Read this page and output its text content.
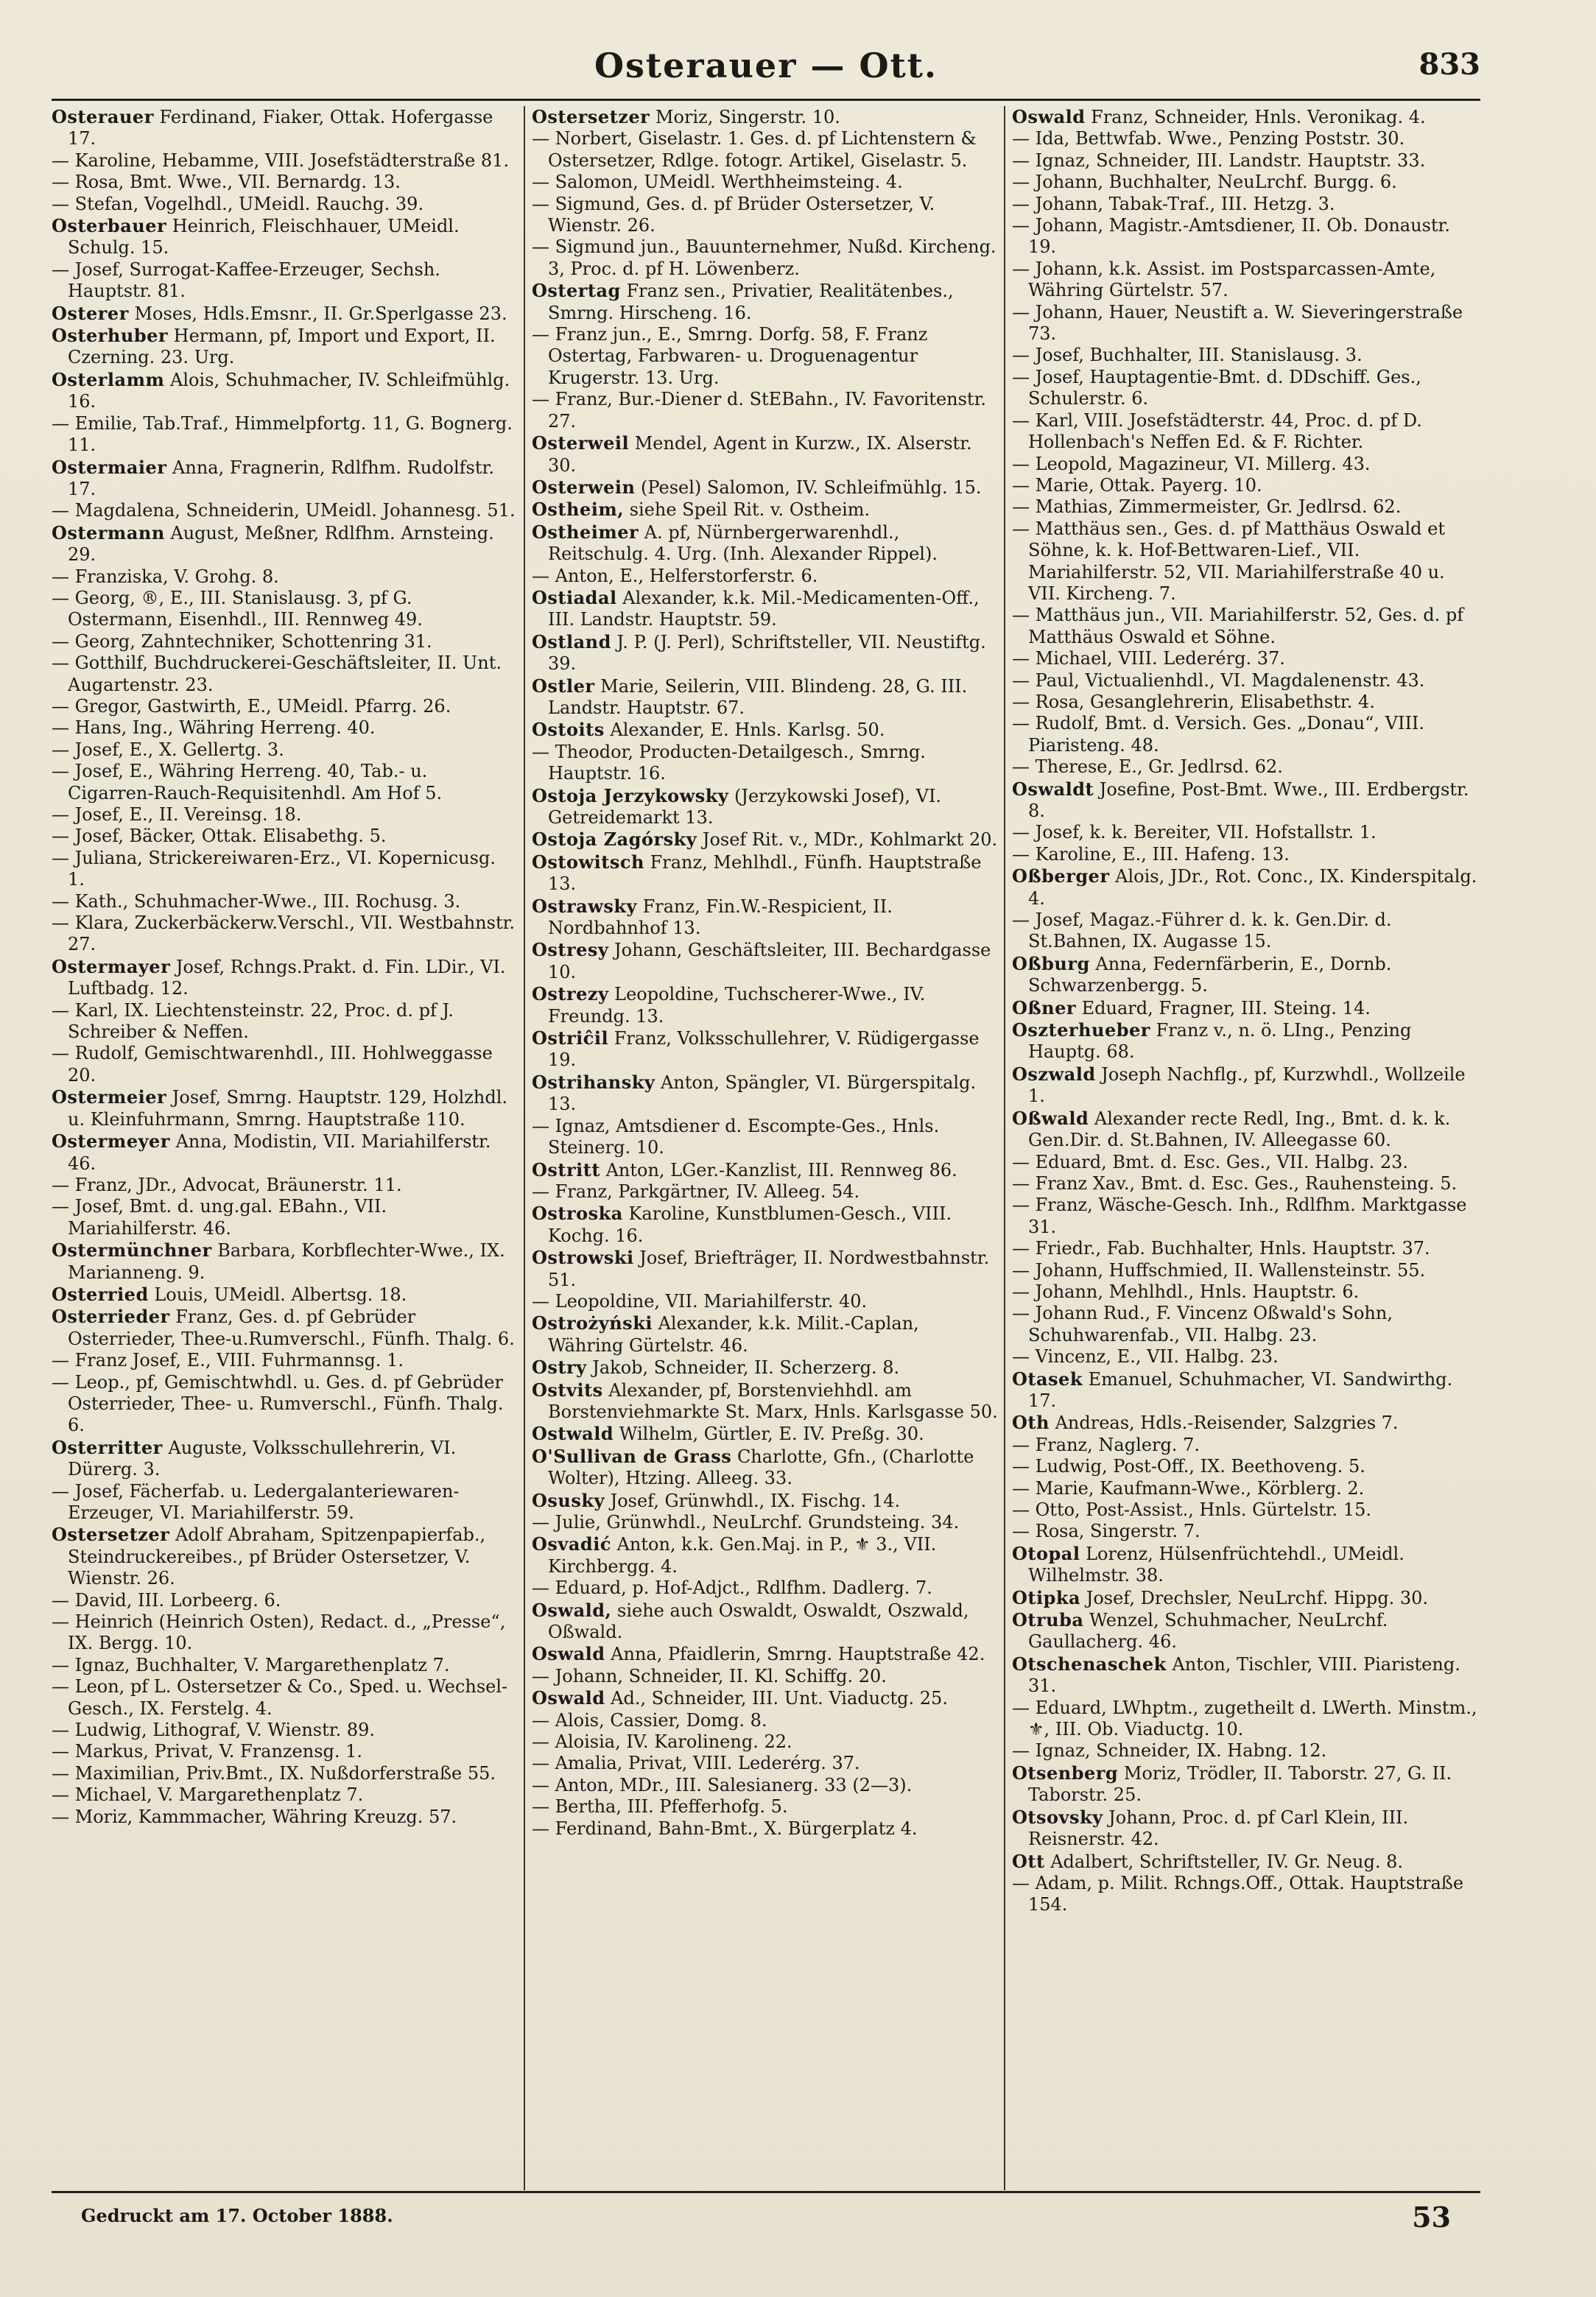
Osterauer — Ott.	833

Osterauer Ferdinand, Fiaker, Ottak. Hofergasse 17.

— Karoline, Hebamme, VIII. Josefstädterstraße 81.

— Rosa, Bmt. Wwe., VII. Bernardg. 13.

— Stefan, Vogelhdl., UMeidl. Rauchg. 39.

Osterbauer Heinrich, Fleischhauer, UMeidl. Schulg. 15.

— Josef, Surrogat-Kaffee-Erzeuger, Sechsh. Hauptstr. 81.

Osterer Moses, Hdls.Emsnr., II. Gr.Sperlgasse 23.

Osterhuber Hermann, pf, Import und Export, II. Czerning. 23. Urg.

Osterlamm Alois, Schuhmacher, IV. Schleifmühlg. 16.

— Emilie, Tab.Traf., Himmelpfortg. 11, G. Bognerg. 11.

Ostermaier Anna, Fragnerin, Rdlfhm. Rudolfstr. 17.

— Magdalena, Schneiderin, UMeidl. Johannesg. 51.

Ostermann August, Meßner, Rdlfhm. Arnsteing. 29.

— Franziska, V. Grohg. 8.

— Georg, ®, E., III. Stanislausg. 3, pf G. Ostermann, Eisenhdl., III. Rennweg 49.

— Georg, Zahntechniker, Schottenring 31.

— Gotthilf, Buchdruckerei-Geschäftsleiter, II. Unt. Augartenstr. 23.

— Gregor, Gastwirth, E., UMeidl. Pfarrg. 26.

— Hans, Ing., Währing Herreng. 40.

— Josef, E., X. Gellertg. 3.

— Josef, E., Währing Herreng. 40, Tab.- u. Cigarren-Rauch-Requisitenhdl. Am Hof 5.

— Josef, E., II. Vereinsg. 18.

— Josef, Bäcker, Ottak. Elisabethg. 5.

— Juliana, Strickereiwaren-Erz., VI. Kopernicusg. 1.

— Kath., Schuhmacher-Wwe., III. Rochusg. 3.

— Klara, Zuckerbäckerw.Verschl., VII. Westbahnstr. 27.

Ostermayer Josef, Rchngs.Prakt. d. Fin. LDir., VI. Luftbadg. 12.

— Karl, IX. Liechtensteinstr. 22, Proc. d. pf J. Schreiber & Neffen.

— Rudolf, Gemischtwarenhdl., III. Hohlweggasse 20.

Ostermeier Josef, Smrng. Hauptstr. 129, Holzhdl. u. Kleinfuhrmann, Smrng. Hauptstraße 110.

Ostermeyer Anna, Modistin, VII. Mariahilferstr. 46.

— Franz, JDr., Advocat, Bräunerstr. 11.

— Josef, Bmt. d. ung.gal. EBahn., VII. Mariahilferstr. 46.

Ostermünchner Barbara, Korbflechter-Wwe., IX. Marianneng. 9.

Osterried Louis, UMeidl. Albertsg. 18.

Osterrieder Franz, Ges. d. pf Gebrüder Osterrieder, Thee-u.Rumverschl., Fünfh. Thalg. 6.

— Franz Josef, E., VIII. Fuhrmannsg. 1.

— Leop., pf, Gemischtwhdl. u. Ges. d. pf Gebrüder Osterrieder, Thee- u. Rumverschl., Fünfh. Thalg. 6.

Osterritter Auguste, Volksschullehrerin, VI. Dürerg. 3.

— Josef, Fächerfab. u. Ledergalanteriewaren-Erzeuger, VI. Mariahilferstr. 59.

Ostersetzer Adolf Abraham, Spitzenpapierfab., Steindruckereibes., pf Brüder Ostersetzer, V. Wienstr. 26.

— David, III. Lorbeerg. 6.

— Heinrich (Heinrich Osten), Redact. d., „Presse“, IX. Bergg. 10.

— Ignaz, Buchhalter, V. Margarethenplatz 7.

— Leon, pf L. Ostersetzer & Co., Sped. u. Wechsel-Gesch., IX. Ferstelg. 4.

— Ludwig, Lithograf, V. Wienstr. 89.

— Markus, Privat, V. Franzensg. 1.

— Maximilian, Priv.Bmt., IX. Nußdorferstraße 55.

— Michael, V. Margarethenplatz 7.

— Moriz, Kammmacher, Währing Kreuzg. 57.

Ostersetzer Moriz, Singerstr. 10.

— Norbert, Giselastr. 1. Ges. d. pf Lichtenstern & Ostersetzer, Rdlge. fotogr. Artikel, Giselastr. 5.

— Salomon, UMeidl. Werthheimsteing. 4.

— Sigmund, Ges. d. pf Brüder Ostersetzer, V. Wienstr. 26.

— Sigmund jun., Bauunternehmer, Nußd. Kircheng. 3, Proc. d. pf H. Löwenberz.

Ostertag Franz sen., Privatier, Realitätenbes., Smrng. Hirscheng. 16.

— Franz jun., E., Smrng. Dorfg. 58, F. Franz Ostertag, Farbwaren- u. Droguenagentur Krugerstr. 13. Urg.

— Franz, Bur.-Diener d. StEBahn., IV. Favoritenstr. 27.

Osterweil Mendel, Agent in Kurzw., IX. Alserstr. 30.

Osterwein (Pesel) Salomon, IV. Schleifmühlg. 15.

Ostheim, siehe Speil Rit. v. Ostheim.

Ostheimer A. pf, Nürnbergerwarenhdl., Reitschulg. 4. Urg. (Inh. Alexander Rippel).

— Anton, E., Helferstorferstr. 6.

Ostiadal Alexander, k.k. Mil.-Medicamenten-Off., III. Landstr. Hauptstr. 59.

Ostland J. P. (J. Perl), Schriftsteller, VII. Neustiftg. 39.

Ostler Marie, Seilerin, VIII. Blindeng. 28, G. III. Landstr. Hauptstr. 67.

Ostoits Alexander, E. Hnls. Karlsg. 50.

— Theodor, Producten-Detailgesch., Smrng. Hauptstr. 16.

Ostoja Jerzykowsky (Jerzykowski Josef), VI. Getreidemarkt 13.

Ostoja Zagórsky Josef Rit. v., MDr., Kohlmarkt 20.

Ostowitsch Franz, Mehlhdl., Fünfh. Hauptstraße 13.

Ostrawsky Franz, Fin.W.-Respicient, II. Nordbahnhof 13.

Ostresy Johann, Geschäftsleiter, III. Bechardgasse 10.

Ostrezy Leopoldine, Tuchscherer-Wwe., IV. Freundg. 13.

Ostriĉil Franz, Volksschullehrer, V. Rüdigergasse 19.

Ostrihansky Anton, Spängler, VI. Bürgerspitalg. 13.

— Ignaz, Amtsdiener d. Escompte-Ges., Hnls. Steinerg. 10.

Ostritt Anton, LGer.-Kanzlist, III. Rennweg 86.

— Franz, Parkgärtner, IV. Alleeg. 54.

Ostroska Karoline, Kunstblumen-Gesch., VIII. Kochg. 16.

Ostrowski Josef, Briefträger, II. Nordwestbahnstr. 51.

— Leopoldine, VII. Mariahilferstr. 40.

Ostrożyński Alexander, k.k. Milit.-Caplan, Währing Gürtelstr. 46.

Ostry Jakob, Schneider, II. Scherzerg. 8.

Ostvits Alexander, pf, Borstenviehhdl. am Borstenviehmarkte St. Marx, Hnls. Karlsgasse 50.

Ostwald Wilhelm, Gürtler, E. IV. Preßg. 30.

O'Sullivan de Grass Charlotte, Gfn., (Charlotte Wolter), Htzing. Alleeg. 33.

Osusky Josef, Grünwhdl., IX. Fischg. 14.

— Julie, Grünwhdl., NeuLrchf. Grundsteing. 34.

Osvadić Anton, k.k. Gen.Maj. in P., ⚜ 3., VII. Kirchbergg. 4.

— Eduard, p. Hof-Adjct., Rdlfhm. Dadlerg. 7.

Oswald, siehe auch Oswaldt, Oswaldt, Oszwald, Oßwald.

Oswald Anna, Pfaidlerin, Smrng. Hauptstraße 42.

— Johann, Schneider, II. Kl. Schiffg. 20.

Oswald Ad., Schneider, III. Unt. Viaductg. 25.

— Alois, Cassier, Domg. 8.

— Aloisia, IV. Karolineng. 22.

— Amalia, Privat, VIII. Lederérg. 37.

— Anton, MDr., III. Salesianerg. 33 (2—3).

— Bertha, III. Pfefferhofg. 5.

— Ferdinand, Bahn-Bmt., X. Bürgerplatz 4.

Oswald Franz, Schneider, Hnls. Veronikag. 4.

— Ida, Bettwfab. Wwe., Penzing Poststr. 30.

— Ignaz, Schneider, III. Landstr. Hauptstr. 33.

— Johann, Buchhalter, NeuLrchf. Burgg. 6.

— Johann, Tabak-Traf., III. Hetzg. 3.

— Johann, Magistr.-Amtsdiener, II. Ob. Donaustr. 19.

— Johann, k.k. Assist. im Postsparcassen-Amte, Währing Gürtelstr. 57.

— Johann, Hauer, Neustift a. W. Sieveringerstraße 73.

— Josef, Buchhalter, III. Stanislausg. 3.

— Josef, Hauptagentie-Bmt. d. DDschiff. Ges., Schulerstr. 6.

— Karl, VIII. Josefstädterstr. 44, Proc. d. pf D. Hollenbach's Neffen Ed. & F. Richter.

— Leopold, Magazineur, VI. Millerg. 43.

— Marie, Ottak. Payerg. 10.

— Mathias, Zimmermeister, Gr. Jedlrsd. 62.

— Matthäus sen., Ges. d. pf Matthäus Oswald et Söhne, k. k. Hof-Bettwaren-Lief., VII. Mariahilferstr. 52, VII. Mariahilferstraße 40 u. VII. Kircheng. 7.

— Matthäus jun., VII. Mariahilferstr. 52, Ges. d. pf Matthäus Oswald et Söhne.

— Michael, VIII. Lederérg. 37.

— Paul, Victualienhdl., VI. Magdalenenstr. 43.

— Rosa, Gesanglehrerin, Elisabethstr. 4.

— Rudolf, Bmt. d. Versich. Ges. „Donau“, VIII. Piaristeng. 48.

— Therese, E., Gr. Jedlrsd. 62.

Oswaldt Josefine, Post-Bmt. Wwe., III. Erdbergstr. 8.

— Josef, k. k. Bereiter, VII. Hofstallstr. 1.

— Karoline, E., III. Hafeng. 13.

Oßberger Alois, JDr., Rot. Conc., IX. Kinderspitalg. 4.

— Josef, Magaz.-Führer d. k. k. Gen.Dir. d. St.Bahnen, IX. Augasse 15.

Oßburg Anna, Federnfärberin, E., Dornb. Schwarzenbergg. 5.

Oßner Eduard, Fragner, III. Steing. 14.

Oszterhueber Franz v., n. ö. LIng., Penzing Hauptg. 68.

Oszwald Joseph Nachflg., pf, Kurzwhdl., Wollzeile 1.

Oßwald Alexander recte Redl, Ing., Bmt. d. k. k. Gen.Dir. d. St.Bahnen, IV. Alleegasse 60.

— Eduard, Bmt. d. Esc. Ges., VII. Halbg. 23.

— Franz Xav., Bmt. d. Esc. Ges., Rauhensteing. 5.

— Franz, Wäsche-Gesch. Inh., Rdlfhm. Marktgasse 31.

— Friedr., Fab. Buchhalter, Hnls. Hauptstr. 37.

— Johann, Huffschmied, II. Wallensteinstr. 55.

— Johann, Mehlhdl., Hnls. Hauptstr. 6.

— Johann Rud., F. Vincenz Oßwald's Sohn, Schuhwarenfab., VII. Halbg. 23.

— Vincenz, E., VII. Halbg. 23.

Otasek Emanuel, Schuhmacher, VI. Sandwirthg. 17.

Oth Andreas, Hdls.-Reisender, Salzgries 7.

— Franz, Naglerg. 7.

— Ludwig, Post-Off., IX. Beethoveng. 5.

— Marie, Kaufmann-Wwe., Körblerg. 2.

— Otto, Post-Assist., Hnls. Gürtelstr. 15.

— Rosa, Singerstr. 7.

Otopal Lorenz, Hülsenfrüchtehdl., UMeidl. Wilhelmstr. 38.

Otipka Josef, Drechsler, NeuLrchf. Hippg. 30.

Otruba Wenzel, Schuhmacher, NeuLrchf. Gaullacherg. 46.

Otschenaschek Anton, Tischler, VIII. Piaristeng. 31.

— Eduard, LWhptm., zugetheilt d. LWerth. Minstm., ⚜, III. Ob. Viaductg. 10.

— Ignaz, Schneider, IX. Habng. 12.

Otsenberg Moriz, Trödler, II. Taborstr. 27, G. II. Taborstr. 25.

Otsovsky Johann, Proc. d. pf Carl Klein, III. Reisnerstr. 42.

Ott Adalbert, Schriftsteller, IV. Gr. Neug. 8.

— Adam, p. Milit. Rchngs.Off., Ottak. Hauptstraße 154.

Gedruckt am 17. October 1888.	53
